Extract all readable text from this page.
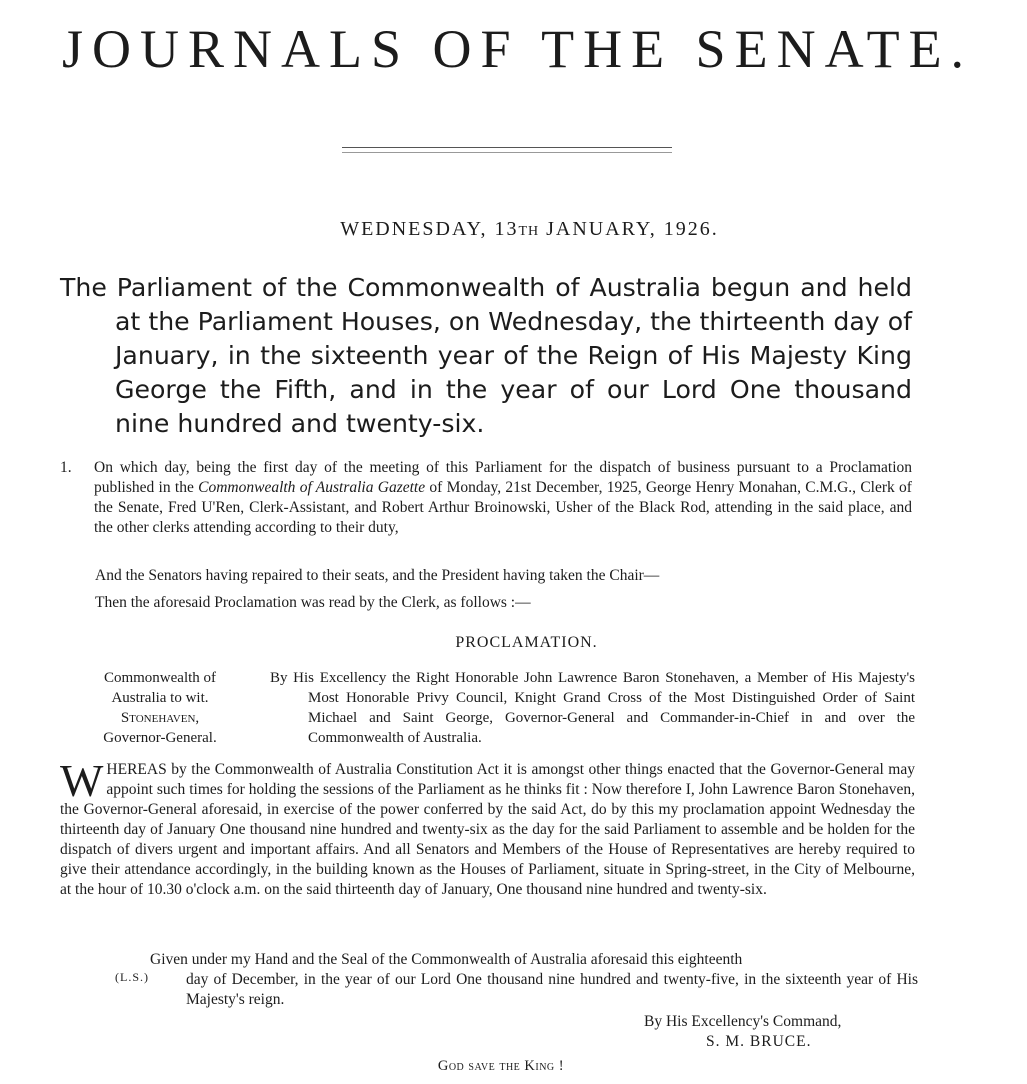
JOURNALS OF THE SENATE.
WEDNESDAY, 13TH JANUARY, 1926.
The Parliament of the Commonwealth of Australia begun and held at the Parliament Houses, on Wednesday, the thirteenth day of January, in the sixteenth year of the Reign of His Majesty King George the Fifth, and in the year of our Lord One thousand nine hundred and twenty-six.
1. On which day, being the first day of the meeting of this Parliament for the dispatch of business pursuant to a Proclamation published in the Commonwealth of Australia Gazette of Monday, 21st December, 1925, George Henry Monahan, C.M.G., Clerk of the Senate, Fred U'Ren, Clerk-Assistant, and Robert Arthur Broinowski, Usher of the Black Rod, attending in the said place, and the other clerks attending according to their duty,
And the Senators having repaired to their seats, and the President having taken the Chair—
Then the aforesaid Proclamation was read by the Clerk, as follows :—
PROCLAMATION.
Commonwealth of
Australia to wit.
Stonehaven,
Governor-General.
By His Excellency the Right Honorable John Lawrence Baron Stonehaven, a Member of His Majesty's Most Honorable Privy Council, Knight Grand Cross of the Most Distinguished Order of Saint Michael and Saint George, Governor-General and Commander-in-Chief in and over the Commonwealth of Australia.
WHEREAS by the Commonwealth of Australia Constitution Act it is amongst other things enacted that the Governor-General may appoint such times for holding the sessions of the Parliament as he thinks fit : Now therefore I, John Lawrence Baron Stonehaven, the Governor-General aforesaid, in exercise of the power conferred by the said Act, do by this my proclamation appoint Wednesday the thirteenth day of January One thousand nine hundred and twenty-six as the day for the said Parliament to assemble and be holden for the dispatch of divers urgent and important affairs. And all Senators and Members of the House of Representatives are hereby required to give their attendance accordingly, in the building known as the Houses of Parliament, situate in Spring-street, in the City of Melbourne, at the hour of 10.30 o'clock a.m. on the said thirteenth day of January, One thousand nine hundred and twenty-six.
Given under my Hand and the Seal of the Commonwealth of Australia aforesaid this eighteenth
day of December, in the year of our Lord One thousand nine hundred and twenty-five, in the sixteenth year of His Majesty's reign.
(L.S.)
By His Excellency's Command,
S. M. BRUCE.
God save the King !
